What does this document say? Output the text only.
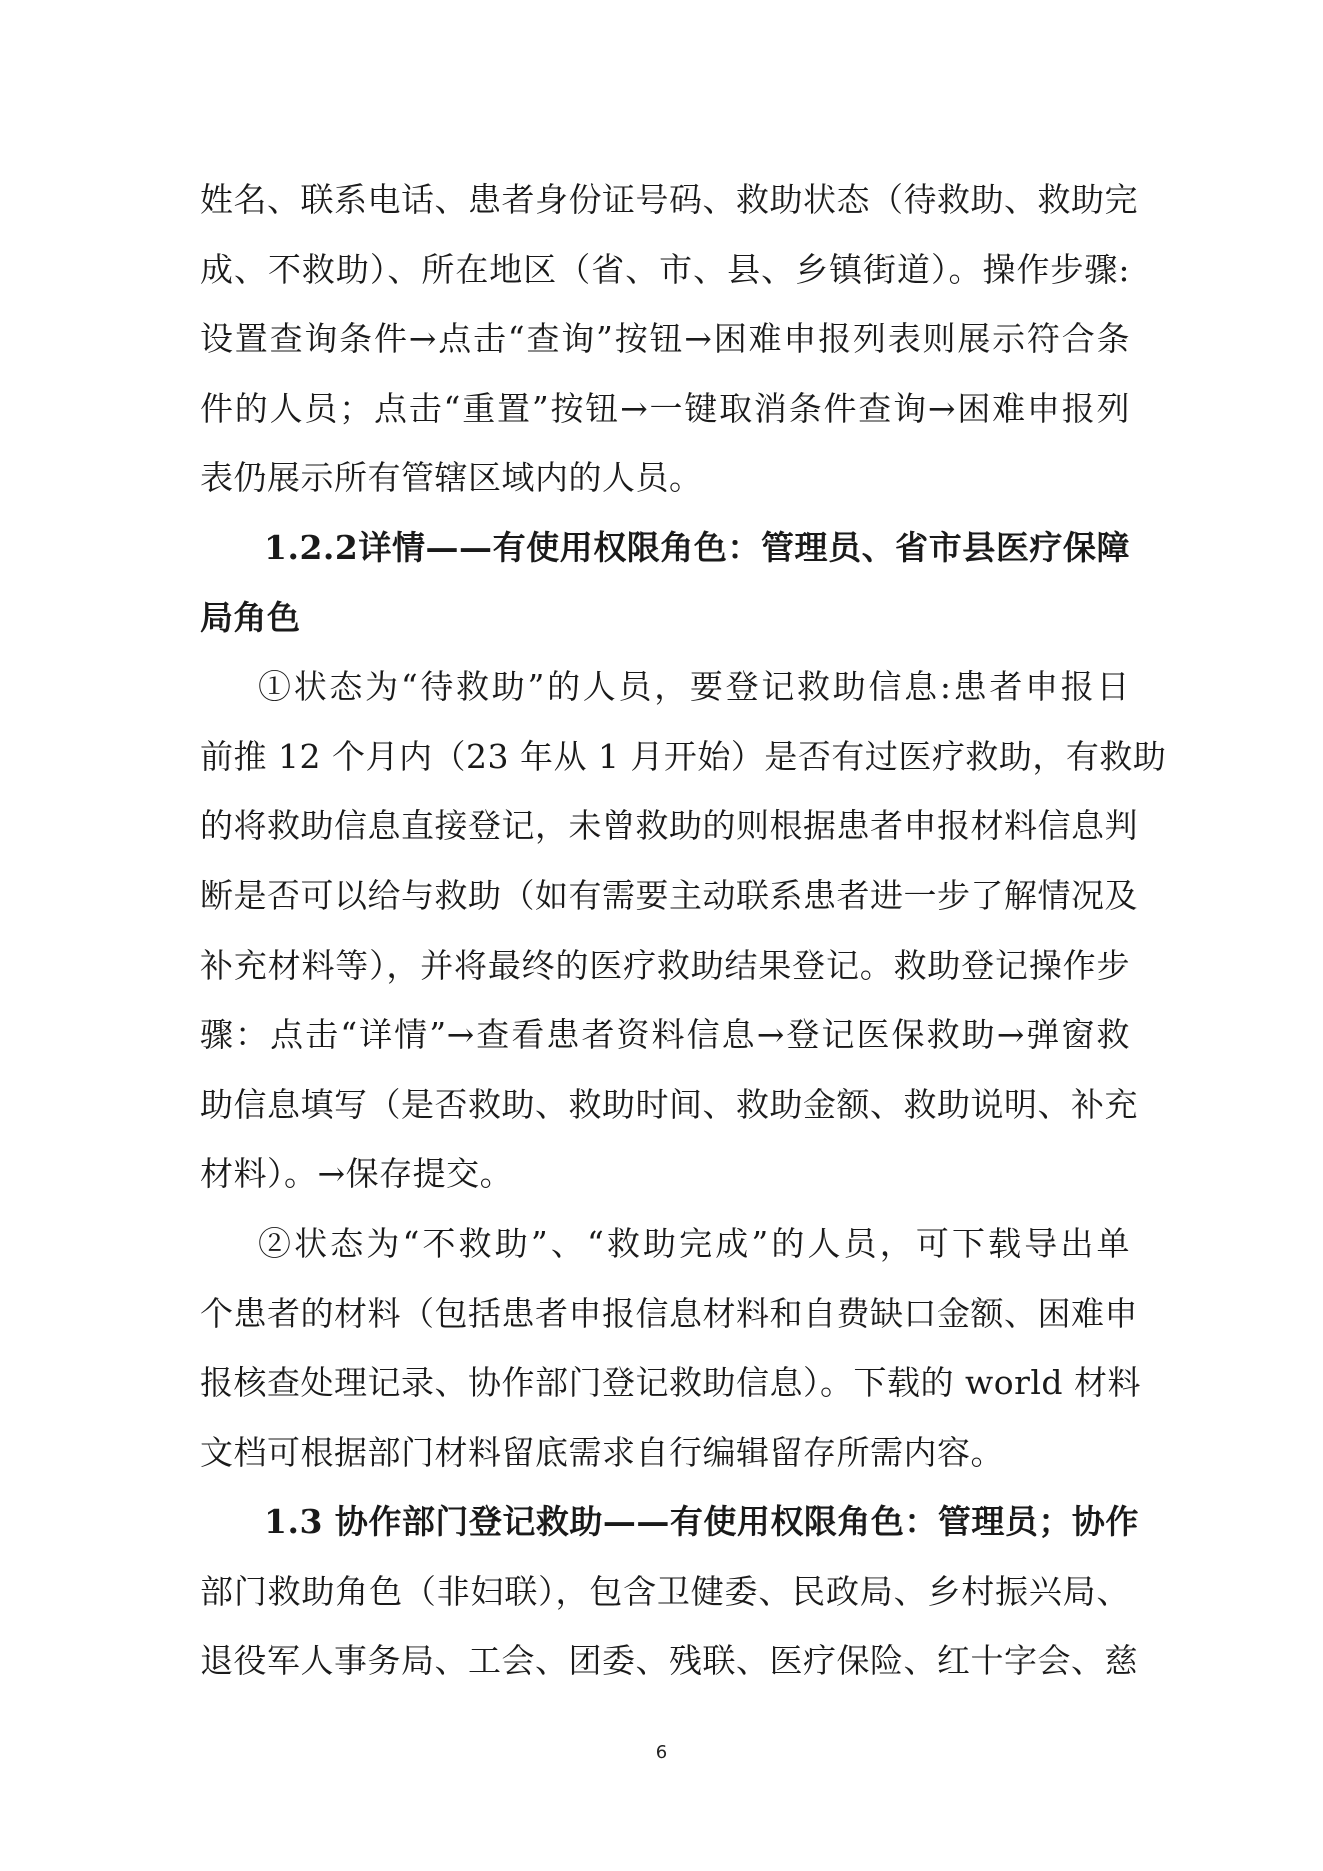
姓名、联系电话、患者身份证号码、救助状态（待救助、救助完
成、不救助）、所在地区（省、市、县、乡镇街道）。操作步骤:
设置查询条件→点击“查询”按钮→困难申报列表则展示符合条
件的人员；点击“重置”按钮→一键取消条件查询→困难申报列
表仍展示所有管辖区域内的人员。
1.2.2详情——有使用权限角色：管理员、省市县医疗保障
局角色
①状态为“待救助”的人员，要登记救助信息:患者申报日
前推 12 个月内（23 年从 1 月开始）是否有过医疗救助，有救助
的将救助信息直接登记，未曾救助的则根据患者申报材料信息判
断是否可以给与救助（如有需要主动联系患者进一步了解情况及
补充材料等），并将最终的医疗救助结果登记。救助登记操作步
骤：点击“详情”→查看患者资料信息→登记医保救助→弹窗救
助信息填写（是否救助、救助时间、救助金额、救助说明、补充
材料）。→保存提交。
②状态为“不救助”、“救助完成”的人员，可下载导出单
个患者的材料（包括患者申报信息材料和自费缺口金额、困难申
报核查处理记录、协作部门登记救助信息）。下载的 world 材料
文档可根据部门材料留底需求自行编辑留存所需内容。
1.3 协作部门登记救助——有使用权限角色：管理员；协作
部门救助角色（非妇联），包含卫健委、民政局、乡村振兴局、
退役军人事务局、工会、团委、残联、医疗保险、红十字会、慈
6
